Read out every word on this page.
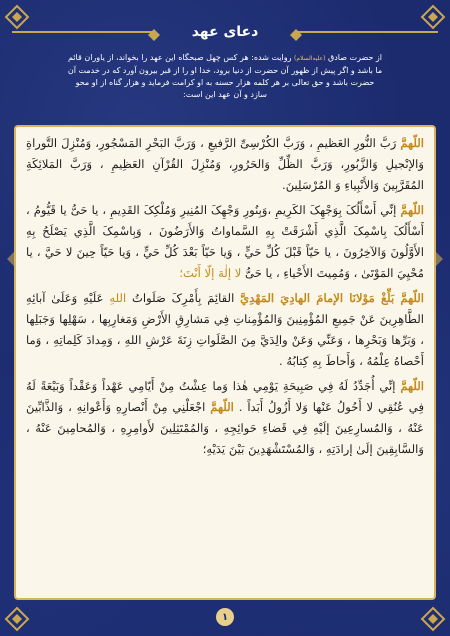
دعای عهد
از حضرت صادق (علیه‌السلام) روایت شده: هر کس چهل صبحگاه این عهد را بخواند، از یاوران قائم
ما باشد و اگر پیش از ظهور آن حضرت از دنیا برود، خدا او را از قبر بیرون آورد که در خدمت آن
حضرت باشد و حق تعالی بر هر کلمه هزار حسنه به او کرامت فرماید و هزار گناه از او محو
سازد و آن عهد این است:

اللّهمَّ رَبَّ النُّورِ العَظیمِ ، وَرَبَّ الكُرْسِیِّ الرَّفیعِ ، وَرَبَّ البَحْرِ المَسْجُورِ، وَمُنْزِلَ التَّوراةِ وَالإنْجیلِ وَالزَّبُورِ، وَرَبَّ الظِّلِّ وَالحَرُورِ، وَمُنْزِلَ القُرْآنِ العَظِیمِ ، وَرَبَّ المَلائِکَةِ المُقَرَّبِینَ وَالأَنْبِیاءِ وَ المُرْسَلِینَ.

اللّهمَّ إنِّي أَسْأَلُکَ بِوَجْهِکَ الکَرِیمِ ،وَبِنُورِ وَجْهِکَ المُنِیرِ وَمُلْکِکَ القَدِیمِ ، یا حَیُّ یا قَیُّومُ ، أَسْأَلُکَ بِاسْمِکَ الَّذِي أَشْرَقَتْ بِهِ السَّماواتُ وَالأَرَضُونَ ، وَبِاسْمِکَ الَّذِي یَصْلَحُ بِهِ الأَوَّلُونَ وَالآخِرُونَ ، یا حَیّاً قَبْلَ کُلِّ حَيٍّ ، وَیا حَیّاً بَعْدَ کُلِّ حَيٍّ ، وَیا حَیّاً حِینَ لا حَيَّ ، یا مُحْیِيَ المَوْتَیٰ ، وَمُمِیتَ الأَحْیاءِ ، یا حَیُّ لا إلٰهَ إلّا أَنْتَ؛

اللّهمَّ بَلِّغْ مَوْلانَا الإمامَ الهادِيَ المَهْدِيَّ القائِمَ بِأَمْرِکَ صَلَواتُ اللهِ عَلَیْهِ وَعَلَیٰ آبائِهِ الطَّاهِرِینَ عَنْ جَمِیعِ المُؤْمِنِینَ وَالمُؤْمِناتِ فِي مَشارِقِ الأَرْضِ وَمَغارِبِها ، سَهْلِها وَجَبَلِها ، وَبَرِّها وَبَحْرِها ، وَعَنِّي وَعَنْ والِدَيَّ مِنَ الصَّلَواتِ زِنَةَ عَرْشِ اللهِ ، وَمِدادَ کَلِماتِهِ ، وَما أَحْصاهُ عِلْمُهُ ، وَأَحاطَ بِهِ کِتابُهُ .

اللّهمَّ إنِّي أُجَدِّدُ لَهُ فِي صَبِیحَةِ یَوْمِي هٰذا وَما عِشْتُ مِنْ أَیّامِي عَهْداً وَعَقْداً وَبَیْعَةً لَهُ فِي عُنُقِي لا أَحُولُ عَنْها وَلا أَزُولُ أَبَداً . اللّهمَّ اجْعَلْنِي مِنْ أَنْصارِهِ وَأَعْوانِهِ ، وَالذَّابِّینَ عَنْهُ ، وَالمُسارِعِینَ إلَیْهِ فِي قَضاءِ حَوائِجِهِ ، وَالمُمْتَثِلِینَ لأَوامِرِهِ ، وَالمُحامِینَ عَنْهُ ، وَالسَّابِقِینَ إلَیٰ إرادَتِهِ ، وَالمُسْتَشْهَدِینَ بَیْنَ یَدَیْهِ؛

۱
